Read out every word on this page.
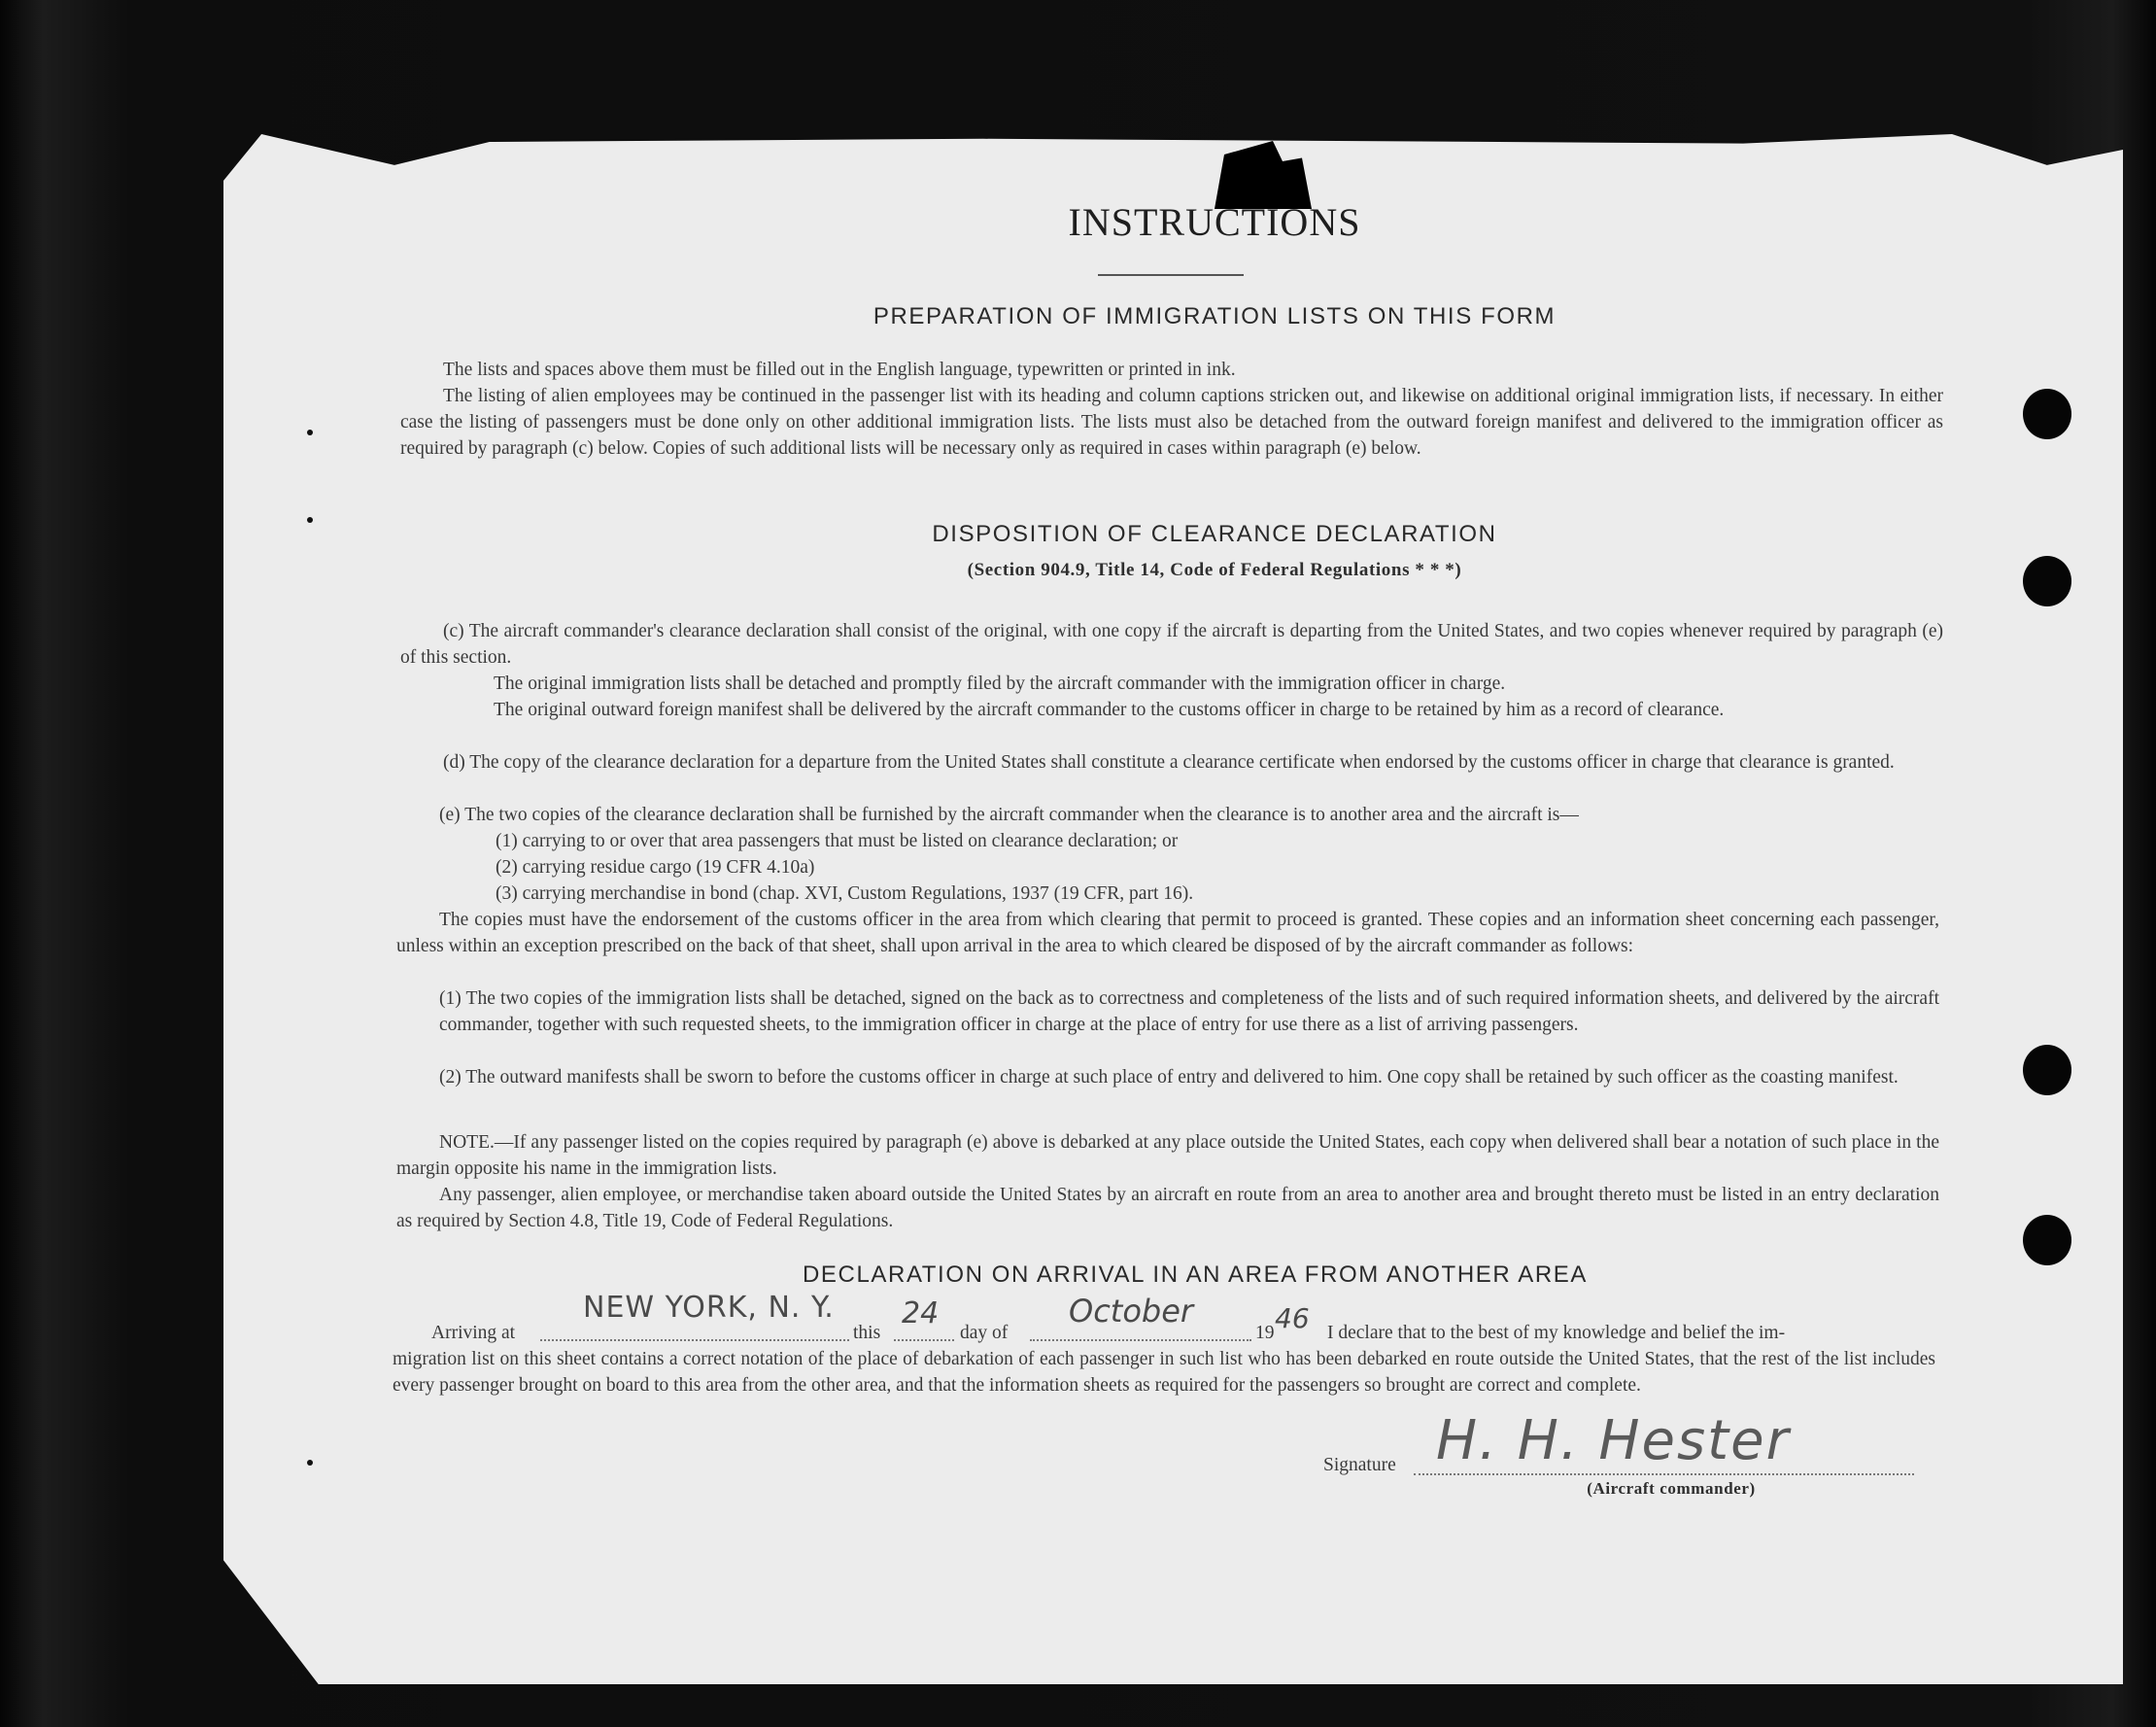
INSTRUCTIONS
PREPARATION OF IMMIGRATION LISTS ON THIS FORM
The lists and spaces above them must be filled out in the English language, typewritten or printed in ink.
The listing of alien employees may be continued in the passenger list with its heading and column captions stricken out, and likewise on additional original immigration lists, if necessary. In either case the listing of passengers must be done only on other additional immigration lists. The lists must also be detached from the outward foreign manifest and delivered to the immigration officer as required by paragraph (c) below. Copies of such additional lists will be necessary only as required in cases within paragraph (e) below.
DISPOSITION OF CLEARANCE DECLARATION
(Section 904.9, Title 14, Code of Federal Regulations * * *)
(c) The aircraft commander's clearance declaration shall consist of the original, with one copy if the aircraft is departing from the United States, and two copies whenever required by paragraph (e) of this section.
The original immigration lists shall be detached and promptly filed by the aircraft commander with the immigration officer in charge.
The original outward foreign manifest shall be delivered by the aircraft commander to the customs officer in charge to be retained by him as a record of clearance.
(d) The copy of the clearance declaration for a departure from the United States shall constitute a clearance certificate when endorsed by the customs officer in charge that clearance is granted.
(e) The two copies of the clearance declaration shall be furnished by the aircraft commander when the clearance is to another area and the aircraft is—
(1) carrying to or over that area passengers that must be listed on clearance declaration; or
(2) carrying residue cargo (19 CFR 4.10a)
(3) carrying merchandise in bond (chap. XVI, Custom Regulations, 1937 (19 CFR, part 16).
The copies must have the endorsement of the customs officer in the area from which clearing that permit to proceed is granted. These copies and an information sheet concerning each passenger, unless within an exception prescribed on the back of that sheet, shall upon arrival in the area to which cleared be disposed of by the aircraft commander as follows:
(1) The two copies of the immigration lists shall be detached, signed on the back as to correctness and completeness of the lists and of such required information sheets, and delivered by the aircraft commander, together with such requested sheets, to the immigration officer in charge at the place of entry for use there as a list of arriving passengers.
(2) The outward manifests shall be sworn to before the customs officer in charge at such place of entry and delivered to him. One copy shall be retained by such officer as the coasting manifest.
NOTE.—If any passenger listed on the copies required by paragraph (e) above is debarked at any place outside the United States, each copy when delivered shall bear a notation of such place in the margin opposite his name in the immigration lists.
Any passenger, alien employee, or merchandise taken aboard outside the United States by an aircraft en route from an area to another area and brought thereto must be listed in an entry declaration as required by Section 4.8, Title 19, Code of Federal Regulations.
DECLARATION ON ARRIVAL IN AN AREA FROM ANOTHER AREA
Arriving at
NEW YORK, N. Y.
this
24
day of
October
19 46 I declare that to the best of my knowledge and belief the im-
migration list on this sheet contains a correct notation of the place of debarkation of each passenger in such list who has been debarked en route outside the United States, that the rest of the list includes every passenger brought on board to this area from the other area, and that the information sheets as required for the passengers so brought are correct and complete.
Signature H. H. Hester
(Aircraft commander)
